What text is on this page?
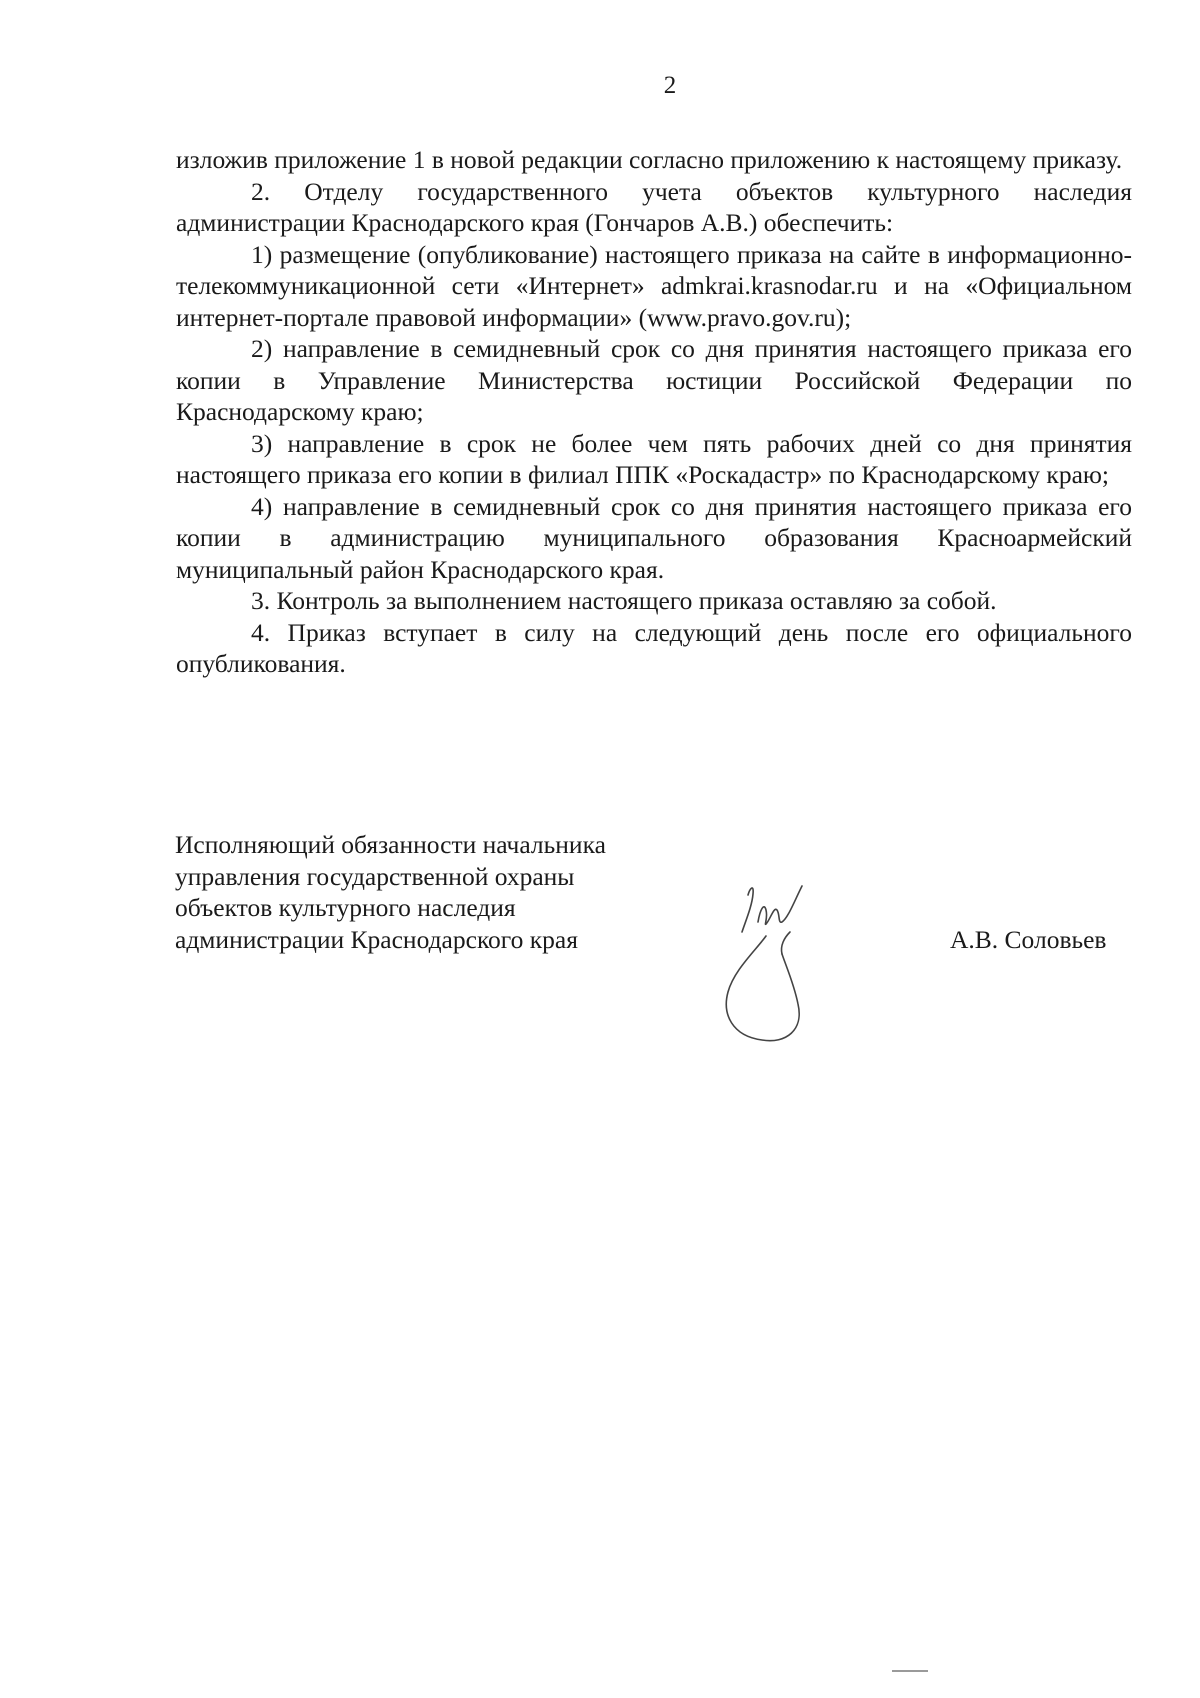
2

изложив приложение 1 в новой редакции согласно приложению к настоящему приказу.

2. Отделу государственного учета объектов культурного наследия администрации Краснодарского края (Гончаров А.В.) обеспечить:

1) размещение (опубликование) настоящего приказа на сайте в информационно-телекоммуникационной сети «Интернет» admkrai.krasnodar.ru и на «Официальном интернет-портале правовой информации» (www.pravo.gov.ru);

2) направление в семидневный срок со дня принятия настоящего приказа его копии в Управление Министерства юстиции Российской Федерации по Краснодарскому краю;

3) направление в срок не более чем пять рабочих дней со дня принятия настоящего приказа его копии в филиал ППК «Роскадастр» по Краснодарскому краю;

4) направление в семидневный срок со дня принятия настоящего приказа его копии в администрацию муниципального образования Красноармейский муниципальный район Краснодарского края.

3. Контроль за выполнением настоящего приказа оставляю за собой.

4. Приказ вступает в силу на следующий день после его официального опубликования.

Исполняющий обязанности начальника
управления государственной охраны
объектов культурного наследия
администрации Краснодарского края	А.В. Соловьев
